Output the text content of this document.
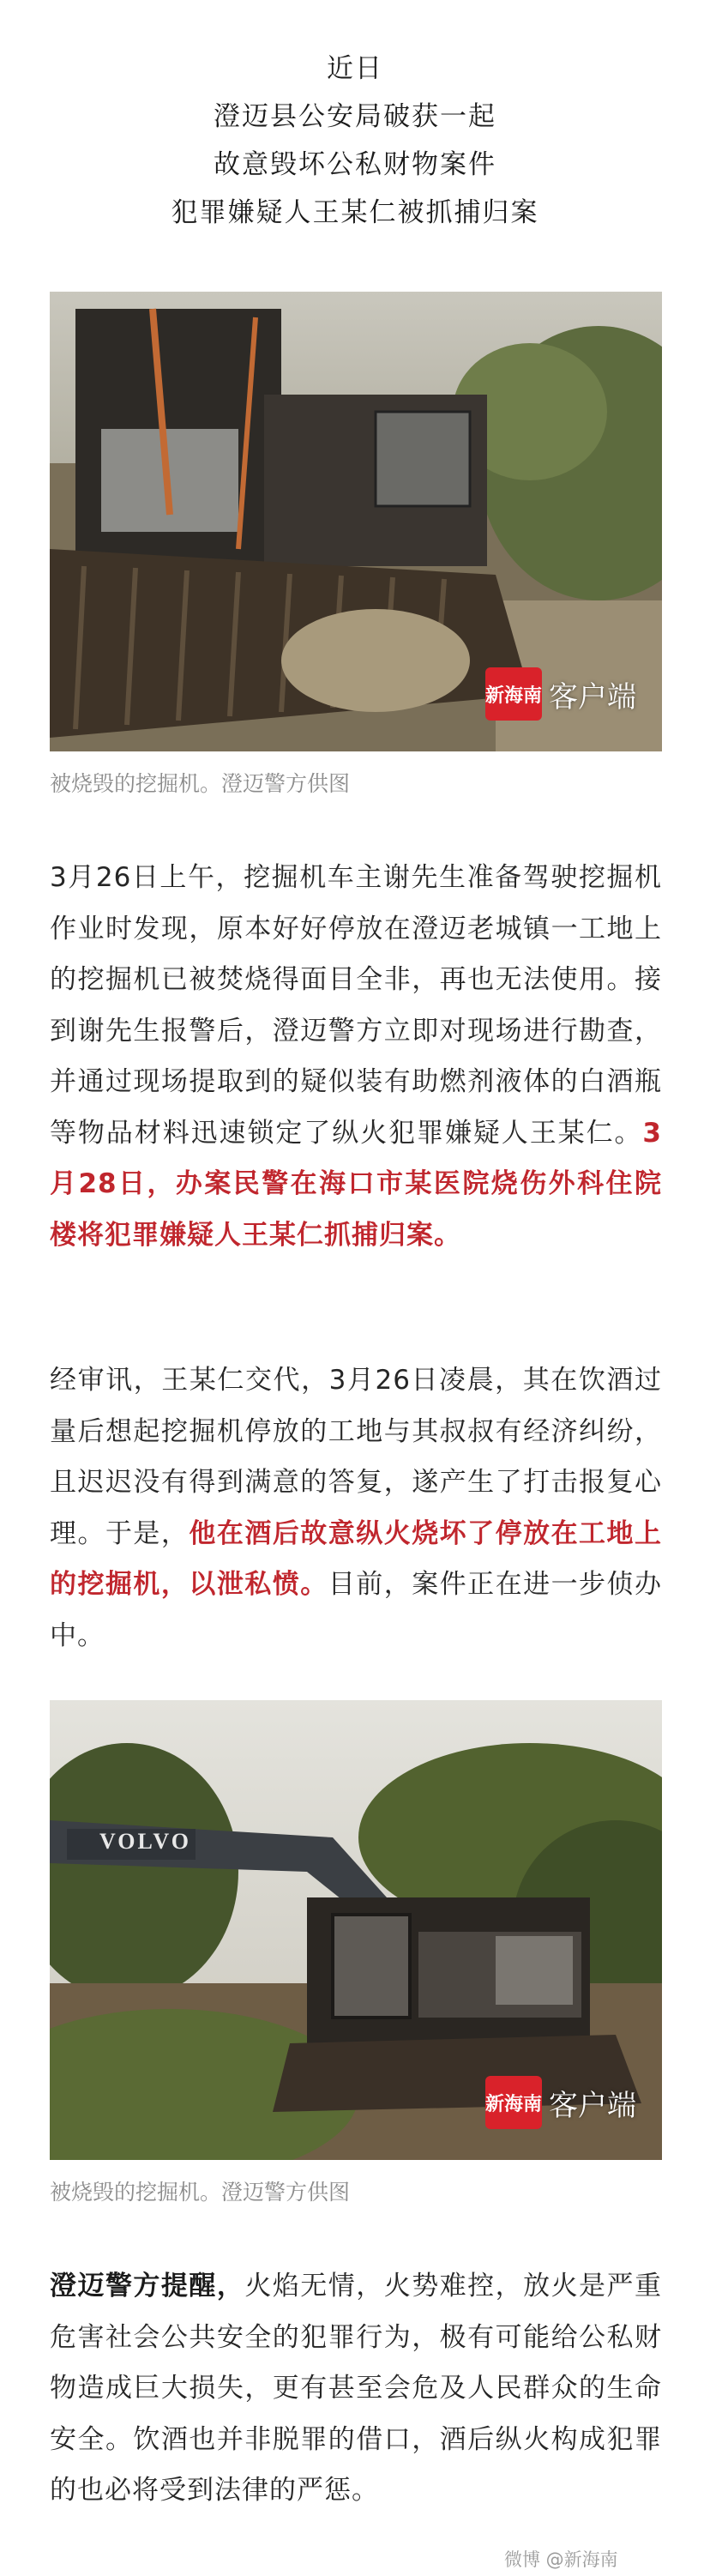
近日
澄迈县公安局破获一起
故意毁坏公私财物案件
犯罪嫌疑人王某仁被抓捕归案
新海南 客户端
被烧毁的挖掘机。澄迈警方供图
3月26日上午，挖掘机车主谢先生准备驾驶挖掘机作业时发现，原本好好停放在澄迈老城镇一工地上的挖掘机已被焚烧得面目全非，再也无法使用。接到谢先生报警后，澄迈警方立即对现场进行勘查，并通过现场提取到的疑似装有助燃剂液体的白酒瓶等物品材料迅速锁定了纵火犯罪嫌疑人王某仁。3月28日，办案民警在海口市某医院烧伤外科住院楼将犯罪嫌疑人王某仁抓捕归案。
经审讯，王某仁交代，3月26日凌晨，其在饮酒过量后想起挖掘机停放的工地与其叔叔有经济纠纷，且迟迟没有得到满意的答复，遂产生了打击报复心理。于是，他在酒后故意纵火烧坏了停放在工地上的挖掘机，以泄私愤。目前，案件正在进一步侦办中。
VOLVO
新海南 客户端
被烧毁的挖掘机。澄迈警方供图
澄迈警方提醒，火焰无情，火势难控，放火是严重危害社会公共安全的犯罪行为，极有可能给公私财物造成巨大损失，更有甚至会危及人民群众的生命安全。饮酒也并非脱罪的借口，酒后纵火构成犯罪的也必将受到法律的严惩。
微博 @新海南
